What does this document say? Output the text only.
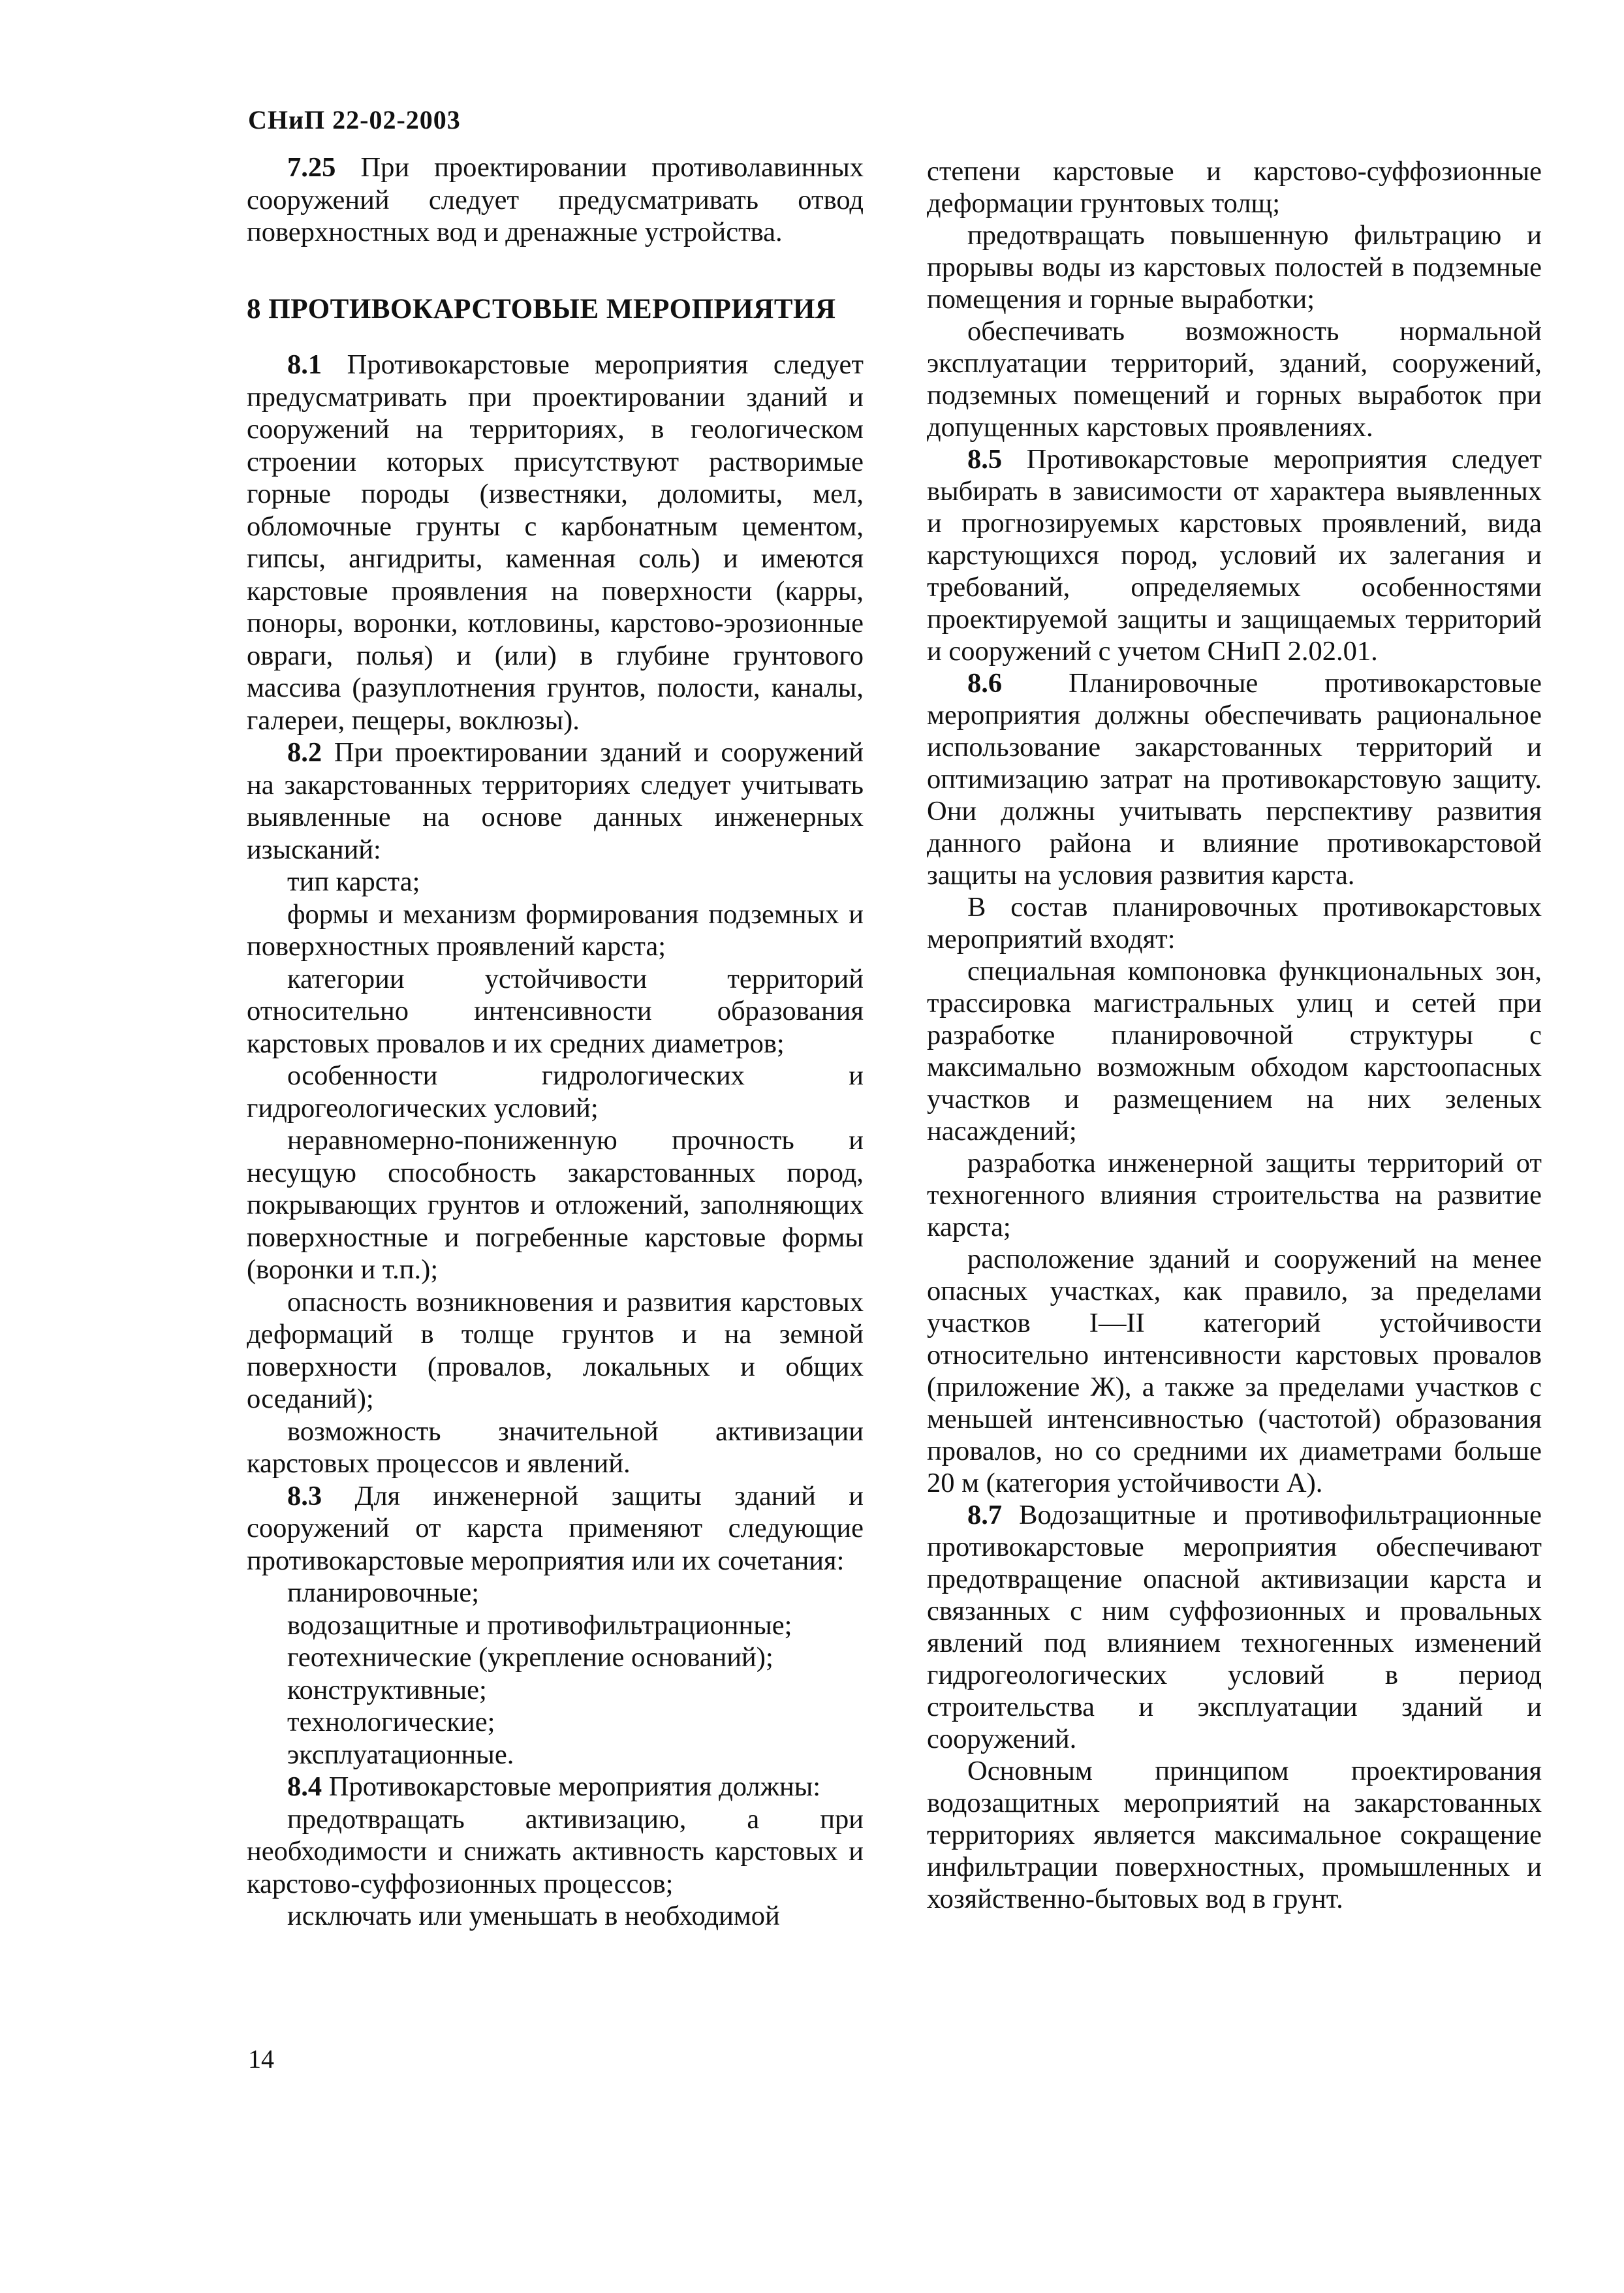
СНиП 22-02-2003

7.25 При проектировании противолавинных сооружений следует предусматривать отвод поверхностных вод и дренажные устройства.

8 ПРОТИВОКАРСТОВЫЕ МЕРОПРИЯТИЯ

8.1 Противокарстовые мероприятия следует предусматривать при проектировании зданий и сооружений на территориях, в геологическом строении которых присутствуют растворимые горные породы (известняки, доломиты, мел, обломочные грунты с карбонатным цементом, гипсы, ангидриты, каменная соль) и имеются карстовые проявления на поверхности (карры, поноры, воронки, котловины, карстово-эрозионные овраги, полья) и (или) в глубине грунтового массива (разуплотнения грунтов, полости, каналы, галереи, пещеры, воклюзы).

8.2 При проектировании зданий и сооружений на закарстованных территориях следует учитывать выявленные на основе данных инженерных изысканий:

тип карста;

формы и механизм формирования подземных и поверхностных проявлений карста;

категории устойчивости территорий относительно интенсивности образования карстовых провалов и их средних диаметров;

особенности гидрологических и гидрогеологических условий;

неравномерно-пониженную прочность и несущую способность закарстованных пород, покрывающих грунтов и отложений, заполняющих поверхностные и погребенные карстовые формы (воронки и т.п.);

опасность возникновения и развития карстовых деформаций в толще грунтов и на земной поверхности (провалов, локальных и общих оседаний);

возможность значительной активизации карстовых процессов и явлений.

8.3 Для инженерной защиты зданий и сооружений от карста применяют следующие противокарстовые мероприятия или их сочетания:

планировочные;

водозащитные и противофильтрационные;

геотехнические (укрепление оснований);

конструктивные;

технологические;

эксплуатационные.

8.4 Противокарстовые мероприятия должны:

предотвращать активизацию, а при необходимости и снижать активность карстовых и карстово-суффозионных процессов;

исключать или уменьшать в необходимой

степени карстовые и карстово-суффозионные деформации грунтовых толщ;

предотвращать повышенную фильтрацию и прорывы воды из карстовых полостей в подземные помещения и горные выработки;

обеспечивать возможность нормальной эксплуатации территорий, зданий, сооружений, подземных помещений и горных выработок при допущенных карстовых проявлениях.

8.5 Противокарстовые мероприятия следует выбирать в зависимости от характера выявленных и прогнозируемых карстовых проявлений, вида карстующихся пород, условий их залегания и требований, определяемых особенностями проектируемой защиты и защищаемых территорий и сооружений с учетом СНиП 2.02.01.

8.6 Планировочные противокарстовые мероприятия должны обеспечивать рациональное использование закарстованных территорий и оптимизацию затрат на противокарстовую защиту. Они должны учитывать перспективу развития данного района и влияние противокарстовой защиты на условия развития карста.

В состав планировочных противокарстовых мероприятий входят:

специальная компоновка функциональных зон, трассировка магистральных улиц и сетей при разработке планировочной структуры с максимально возможным обходом карстоопасных участков и размещением на них зеленых насаждений;

разработка инженерной защиты территорий от техногенного влияния строительства на развитие карста;

расположение зданий и сооружений на менее опасных участках, как правило, за пределами участков I—II категорий устойчивости относительно интенсивности карстовых провалов (приложение Ж), а также за пределами участков с меньшей интенсивностью (частотой) образования провалов, но со средними их диаметрами больше 20 м (категория устойчивости А).

8.7 Водозащитные и противофильтрационные противокарстовые мероприятия обеспечивают предотвращение опасной активизации карста и связанных с ним суффозионных и провальных явлений под влиянием техногенных изменений гидрогеологических условий в период строительства и эксплуатации зданий и сооружений.

Основным принципом проектирования водозащитных мероприятий на закарстованных территориях является максимальное сокращение инфильтрации поверхностных, промышленных и хозяйственно-бытовых вод в грунт.

14
